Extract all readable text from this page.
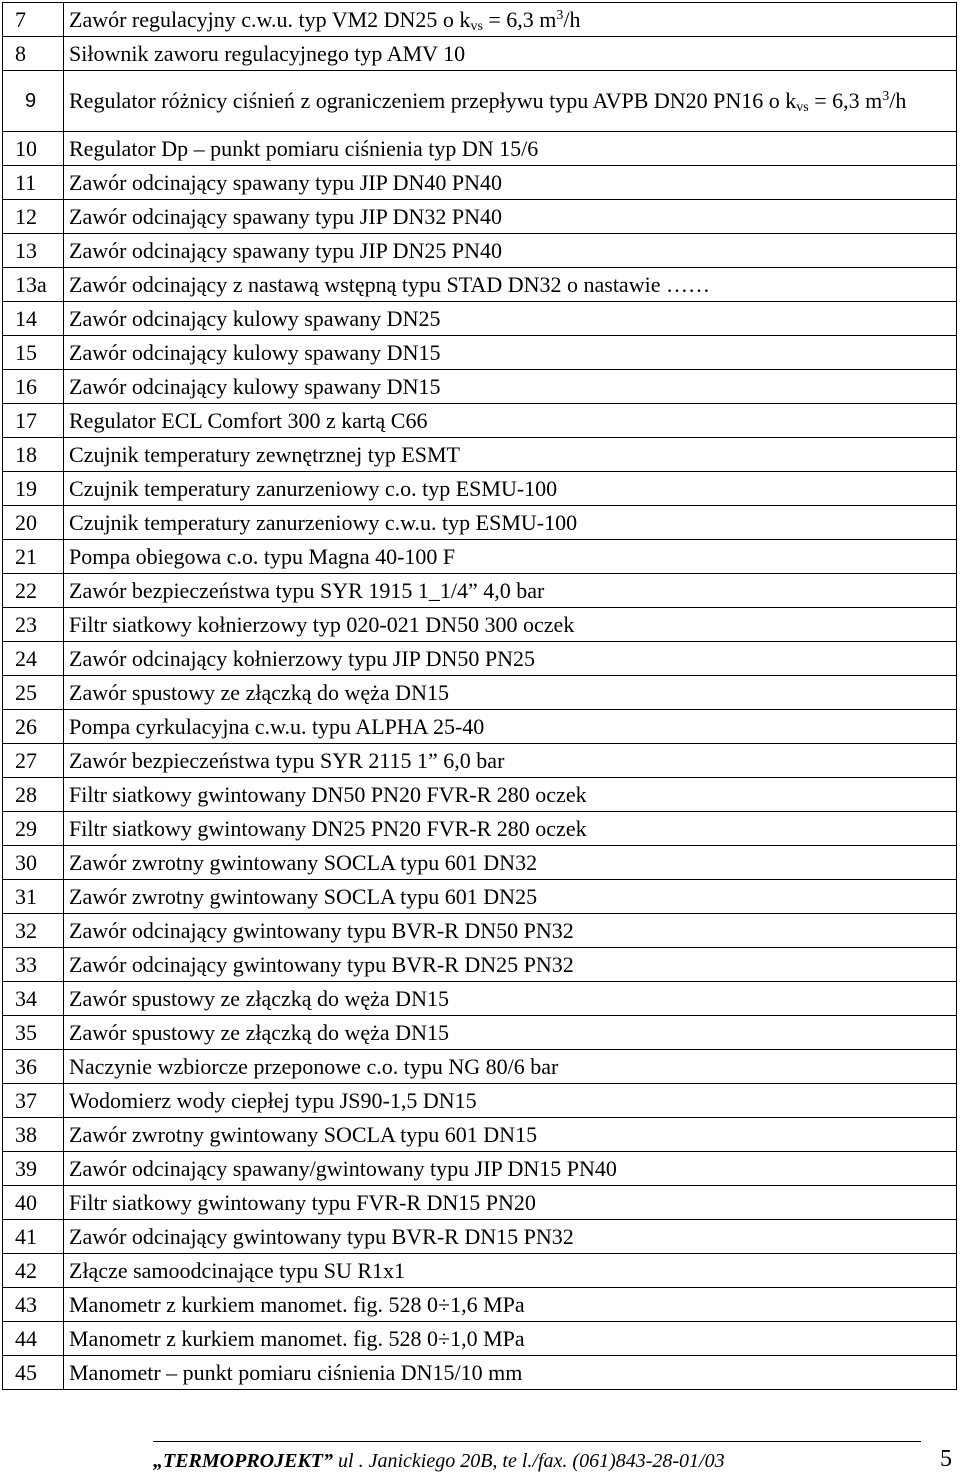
7	Zawór regulacyjny c.w.u. typ VM2 DN25 o $k_{vs} = 6,3$ $m^3/h$
8	Siłownik zaworu regulacyjnego typ AMV 10
9	Regulator różnicy ciśnień z ograniczeniem przepływu typu AVPB DN20 PN16 o $k_{vs} = 6,3$ $m^3/h$
10	Regulator Dp – punkt pomiaru ciśnienia typ DN 15/6
11	Zawór odcinający spawany typu JIP DN40 PN40
12	Zawór odcinający spawany typu JIP DN32 PN40
13	Zawór odcinający spawany typu JIP DN25 PN40
13a	Zawór odcinający z nastawą wstępną typu STAD DN32 o nastawie ……
14	Zawór odcinający kulowy spawany DN25
15	Zawór odcinający kulowy spawany DN15
16	Zawór odcinający kulowy spawany DN15
17	Regulator ECL Comfort 300 z kartą C66
18	Czujnik temperatury zewnętrznej typ ESMT
19	Czujnik temperatury zanurzeniowy c.o. typ ESMU-100
20	Czujnik temperatury zanurzeniowy c.w.u. typ ESMU-100
21	Pompa obiegowa c.o. typu Magna 40-100 F
22	Zawór bezpieczeństwa typu SYR 1915 1_1/4” 4,0 bar
23	Filtr siatkowy kołnierzowy typ 020-021 DN50 300 oczek
24	Zawór odcinający kołnierzowy typu JIP DN50 PN25
25	Zawór spustowy ze złączką do węża DN15
26	Pompa cyrkulacyjna c.w.u. typu ALPHA 25-40
27	Zawór bezpieczeństwa typu SYR 2115 1” 6,0 bar
28	Filtr siatkowy gwintowany DN50 PN20 FVR-R 280 oczek
29	Filtr siatkowy gwintowany DN25 PN20 FVR-R 280 oczek
30	Zawór zwrotny gwintowany SOCLA typu 601 DN32
31	Zawór zwrotny gwintowany SOCLA typu 601 DN25
32	Zawór odcinający gwintowany typu BVR-R DN50 PN32
33	Zawór odcinający gwintowany typu BVR-R DN25 PN32
34	Zawór spustowy ze złączką do węża DN15
35	Zawór spustowy ze złączką do węża DN15
36	Naczynie wzbiorcze przeponowe c.o. typu NG 80/6 bar
37	Wodomierz wody ciepłej typu JS90-1,5 DN15
38	Zawór zwrotny gwintowany SOCLA typu 601 DN15
39	Zawór odcinający spawany/gwintowany typu JIP DN15 PN40
40	Filtr siatkowy gwintowany typu FVR-R DN15 PN20
41	Zawór odcinający gwintowany typu BVR-R DN15 PN32
42	Złącze samoodcinające typu SU R1x1
43	Manometr z kurkiem manomet. fig. 528 0÷1,6 MPa
44	Manometr z kurkiem manomet. fig. 528 0÷1,0 MPa
45	Manometr – punkt pomiaru ciśnienia DN15/10 mm
„TERMOPROJEKT” ul . Janickiego 20B, te l./fax. (061)843-28-01/03	5
